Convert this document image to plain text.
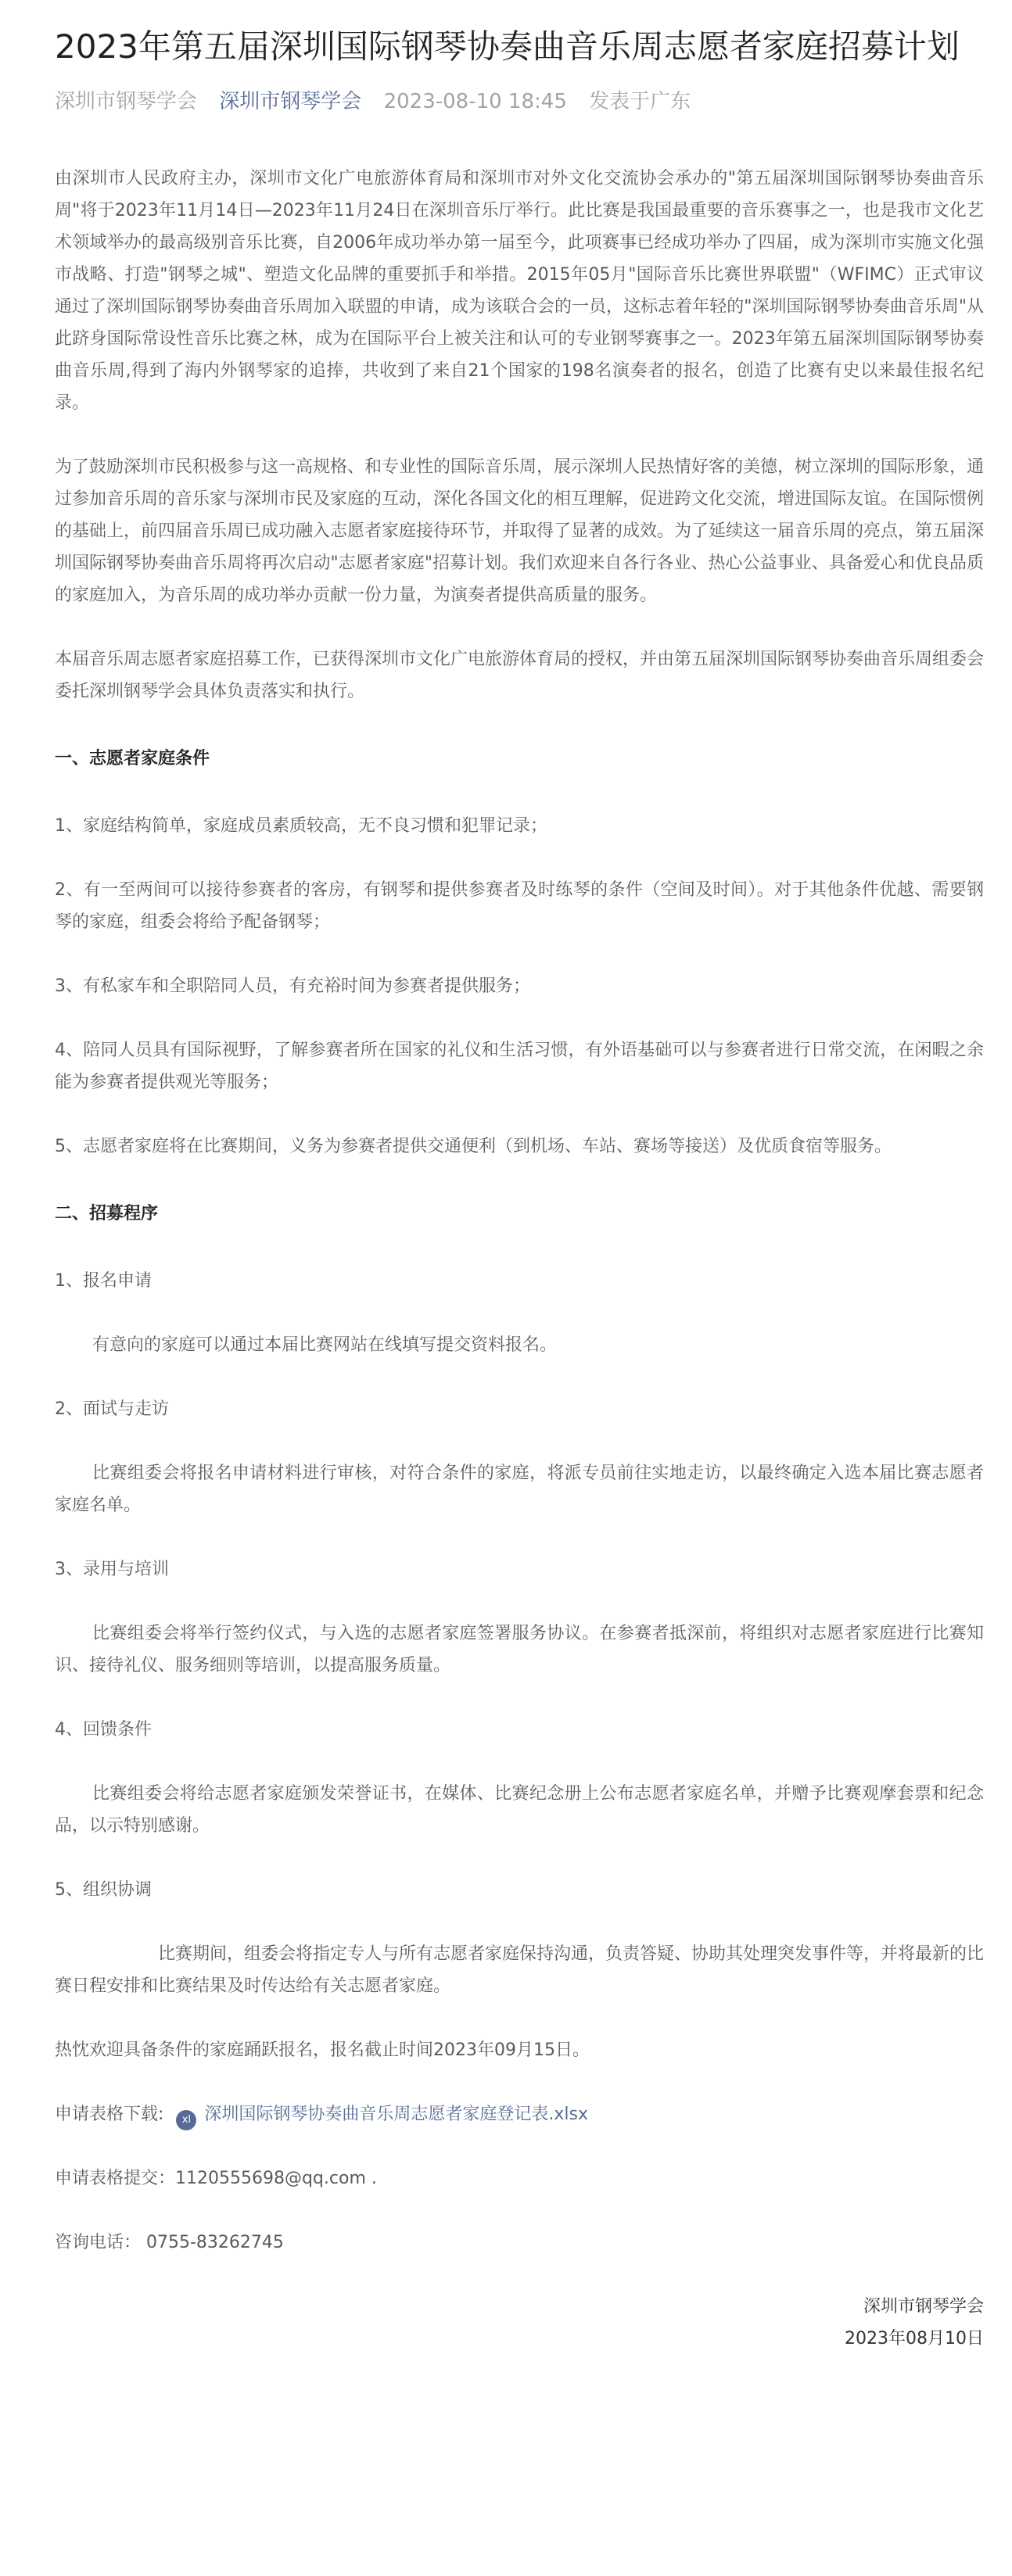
2023年第五届深圳国际钢琴协奏曲音乐周志愿者家庭招募计划
深圳市钢琴学会 深圳市钢琴学会 2023-08-10 18:45 发表于广东

由深圳市人民政府主办，深圳市文化广电旅游体育局和深圳市对外文化交流协会承办的"第五届深圳国际钢琴协奏曲音乐周"将于2023年11月14日—2023年11月24日在深圳音乐厅举行。此比赛是我国最重要的音乐赛事之一，也是我市文化艺术领域举办的最高级别音乐比赛，自2006年成功举办第一届至今，此项赛事已经成功举办了四届，成为深圳市实施文化强市战略、打造"钢琴之城"、塑造文化品牌的重要抓手和举措。2015年05月"国际音乐比赛世界联盟"（WFIMC）正式审议通过了深圳国际钢琴协奏曲音乐周加入联盟的申请，成为该联合会的一员，这标志着年轻的"深圳国际钢琴协奏曲音乐周"从此跻身国际常设性音乐比赛之林，成为在国际平台上被关注和认可的专业钢琴赛事之一。2023年第五届深圳国际钢琴协奏曲音乐周,得到了海内外钢琴家的追捧，共收到了来自21个国家的198名演奏者的报名，创造了比赛有史以来最佳报名纪录。

为了鼓励深圳市民积极参与这一高规格、和专业性的国际音乐周，展示深圳人民热情好客的美德，树立深圳的国际形象，通过参加音乐周的音乐家与深圳市民及家庭的互动，深化各国文化的相互理解，促进跨文化交流，增进国际友谊。在国际惯例的基础上，前四届音乐周已成功融入志愿者家庭接待环节，并取得了显著的成效。为了延续这一届音乐周的亮点，第五届深圳国际钢琴协奏曲音乐周将再次启动"志愿者家庭"招募计划。我们欢迎来自各行各业、热心公益事业、具备爱心和优良品质的家庭加入，为音乐周的成功举办贡献一份力量，为演奏者提供高质量的服务。

本届音乐周志愿者家庭招募工作，已获得深圳市文化广电旅游体育局的授权，并由第五届深圳国际钢琴协奏曲音乐周组委会委托深圳钢琴学会具体负责落实和执行。

一、志愿者家庭条件

1、家庭结构简单，家庭成员素质较高，无不良习惯和犯罪记录；

2、有一至两间可以接待参赛者的客房，有钢琴和提供参赛者及时练琴的条件（空间及时间）。对于其他条件优越、需要钢琴的家庭，组委会将给予配备钢琴；

3、有私家车和全职陪同人员，有充裕时间为参赛者提供服务；

4、陪同人员具有国际视野，了解参赛者所在国家的礼仪和生活习惯，有外语基础可以与参赛者进行日常交流，在闲暇之余能为参赛者提供观光等服务；

5、志愿者家庭将在比赛期间，义务为参赛者提供交通便利（到机场、车站、赛场等接送）及优质食宿等服务。

二、招募程序

1、报名申请

有意向的家庭可以通过本届比赛网站在线填写提交资料报名。

2、面试与走访

比赛组委会将报名申请材料进行审核，对符合条件的家庭，将派专员前往实地走访，以最终确定入选本届比赛志愿者家庭名单。

3、录用与培训

比赛组委会将举行签约仪式，与入选的志愿者家庭签署服务协议。在参赛者抵深前，将组织对志愿者家庭进行比赛知识、接待礼仪、服务细则等培训，以提高服务质量。

4、回馈条件

比赛组委会将给志愿者家庭颁发荣誉证书，在媒体、比赛纪念册上公布志愿者家庭名单，并赠予比赛观摩套票和纪念品，以示特别感谢。

5、组织协调

比赛期间，组委会将指定专人与所有志愿者家庭保持沟通，负责答疑、协助其处理突发事件等，并将最新的比赛日程安排和比赛结果及时传达给有关志愿者家庭。

热忱欢迎具备条件的家庭踊跃报名，报名截止时间2023年09月15日。

申请表格下载: xl 深圳国际钢琴协奏曲音乐周志愿者家庭登记表.xlsx

申请表格提交：1120555698@qq.com .

咨询电话： 0755-83262745

深圳市钢琴学会

2023年08月10日
